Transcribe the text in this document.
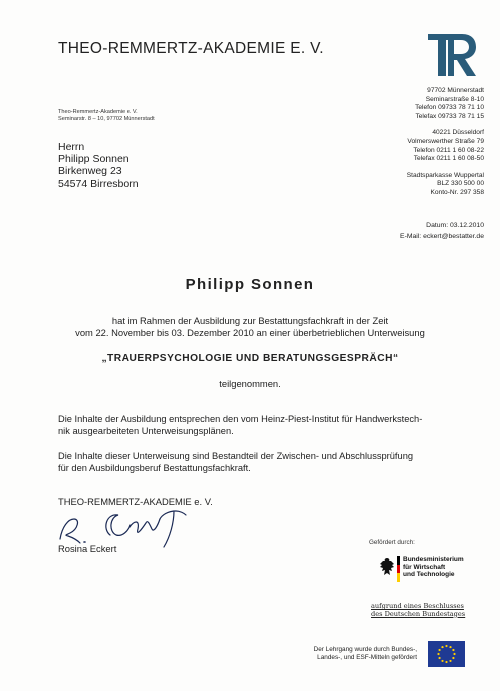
THEO-REMMERTZ-AKADEMIE E. V.
Theo-Remmertz-Akademie e. V.
Seminarstr. 8 – 10, 97702 Münnerstadt
Herrn
Philipp Sonnen
Birkenweg 23
54574 Birresborn
97702 Münnerstadt
Seminarstraße 8-10
Telefon 09733 78 71 10
Telefax 09733 78 71 15
40221 Düsseldorf
Volmerswerther Straße 79
Telefon 0211 1 60 08-22
Telefax 0211 1 60 08-50
Stadtsparkasse Wuppertal
BLZ 330 500 00
Konto-Nr. 297 358
Datum: 03.12.2010
E-Mail: eckert@bestatter.de
Philipp Sonnen
hat im Rahmen der Ausbildung zur Bestattungsfachkraft in der Zeit
vom 22. November bis 03. Dezember 2010 an einer überbetrieblichen Unterweisung
„TRAUERPSYCHOLOGIE UND BERATUNGSGESPRÄCH“
teilgenommen.
Die Inhalte der Ausbildung entsprechen den vom Heinz-Piest-Institut für Handwerkstech-
nik ausgearbeiteten Unterweisungsplänen.
Die Inhalte dieser Unterweisung sind Bestandteil der Zwischen- und Abschlussprüfung
für den Ausbildungsberuf Bestattungsfachkraft.
THEO-REMMERTZ-AKADEMIE e. V.
Rosina Eckert
Gefördert durch:
Bundesministerium
für Wirtschaft
und Technologie
aufgrund eines Beschlusses
des Deutschen Bundestages
Der Lehrgang wurde durch Bundes-,
Landes-, und ESF-Mitteln gefördert
